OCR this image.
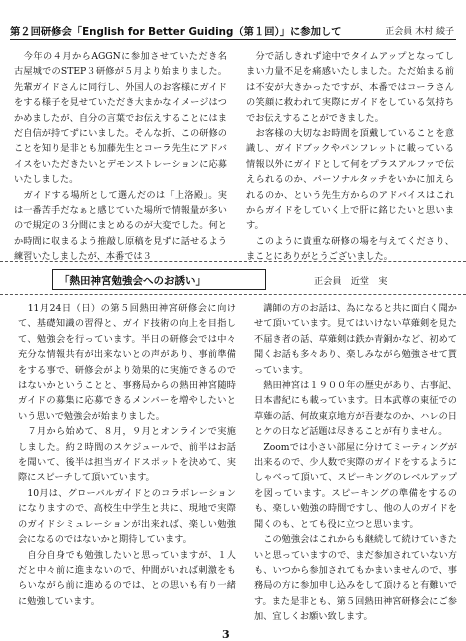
第２回研修会「English for Better Guiding（第１回）」に参加して	正会員 木村 綾子

　今年の４月からAGGNに参加させていただき名古屋城でのSTEP３研修が５月より始まりました。先輩ガイドさんに同行し、外国人のお客様にガイドをする様子を見せていただき大まかなイメージはつかめましたが、自分の言葉でお伝えすることにはまだ自信が持てずにいました。そんな折、この研修のことを知り是非とも加藤先生とコーラ先生にアドバイスをいただきたいとデモンストレーションに応募いたしました。

　ガイドする場所として選んだのは「上洛殿」。実は一番苦手だなぁと感じていた場所で情報量が多いので規定の３分間にまとめるのが大変でした。何とか時間に収まるよう推敲し原稿を見ずに話せるよう練習いたしましたが、本番では３

　分で話しきれず途中でタイムアップとなってしまい力量不足を痛感いたしました。ただ始まる前は不安が大きかったですが、本番ではコーラさんの笑顔に救われて実際にガイドをしている気持ちでお伝えすることができました。

　お客様の大切なお時間を頂戴していることを意識し、ガイドブックやパンフレットに載っている情報以外にガイドとして何をプラスアルファで伝えられるのか、パーソナルタッチをいかに加えられるのか、という先生方からのアドバイスはこれからガイドをしていく上で肝に銘じたいと思います。

　このように貴重な研修の場を与えてくださり、まことにありがとうございました。

「熱田神宮勉強会へのお誘い」	正会員　近堂　実

　11月24日（日）の第５回熱田神宮研修会に向けて、基礎知識の習得と、ガイド技術の向上を目指して、勉強会を行っています。半日の研修会では中々充分な情報共有が出来ないとの声があり、事前準備をする事で、研修会がより効果的に実施できるのではないかということと、事務局からの熱田神宮随時ガイドの募集に応募できるメンバーを増やしたいという思いで勉強会が始まりました。

　７月から始めて、８月，９月とオンラインで実施しました。約２時間のスケジュールで、前半はお話を聞いて、後半は担当ガイドスポットを決めて、実際にスピーチして頂いています。

　10月は、グローバルガイドとのコラボレーションになりますので、高校生中学生と共に、現地で実際のガイドシミュレーションが出来れば、楽しい勉強会になるのではないかと期待しています。

　自分自身でも勉強したいと思っていますが、１人だと中々前に進まないので、仲間がいれば刺激をもらいながら前に進めるのでは、との思いも有り一緒に勉強しています。

　講師の方のお話は、為になると共に面白く聞かせて頂いています。見てはいけない草薙剣を見た不届き者の話、草薙剣は鉄か青銅かなど、初めて聞くお話も多々あり、楽しみながら勉強させて貰っています。

　熱田神宮は１９００年の歴史があり、古事記、日本書紀にも載っています。日本武尊の東征での草薙の話、何故東京地方が吾妻なのか、ハレの日とケの日など話題は尽きることが有りません。

　Zoomでは小さい部屋に分けてミーティングが出来るので、少人数で実際のガイドをするようにしゃべって頂いて、スピーキングのレベルアップを図っています。スピーキングの準備をするのも、楽しい勉強の時間ですし、他の人のガイドを聞くのも、とても役に立つと思います。

　この勉強会はこれからも継続して続けていきたいと思っていますので、まだ参加されていない方も、いつから参加されてもかまいませんので、事務局の方に参加申し込みをして頂けると有難いです。また是非とも、第５回熱田神宮研修会にご参加、宜しくお願い致します。

3
